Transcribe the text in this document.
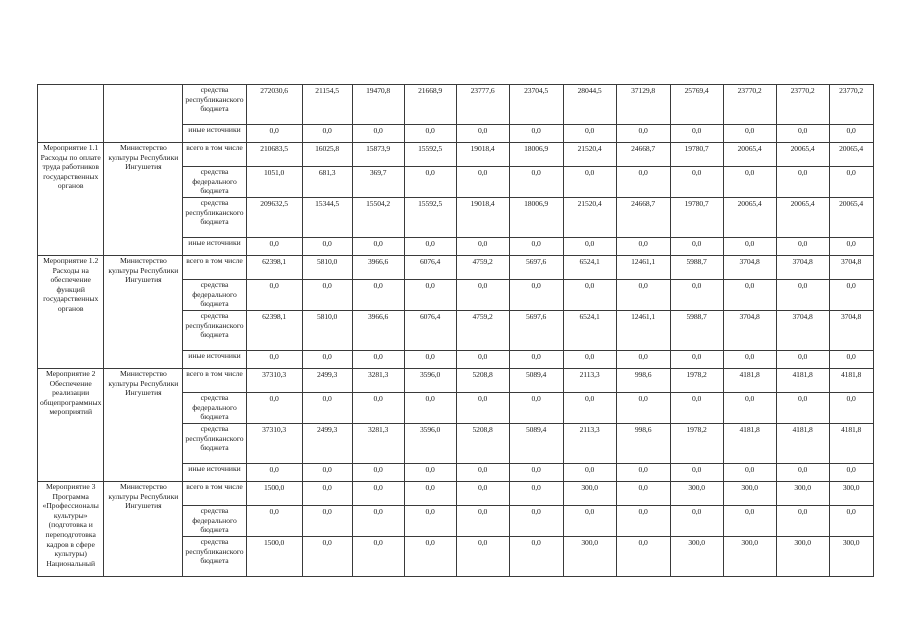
		средства республиканского бюджета	272030,6	21154,5	19470,8	21668,9	23777,6	23704,5	28044,5	37129,8	25769,4	23770,2	23770,2	23770,2
		иные источники	0,0	0,0	0,0	0,0	0,0	0,0	0,0	0,0	0,0	0,0	0,0	0,0
Мероприятие 1.1 Расходы по оплате труда работников государственных органов	Министерство культуры Республики Ингушетия	всего в том числе	210683,5	16025,8	15873,9	15592,5	19018,4	18006,9	21520,4	24668,7	19780,7	20065,4	20065,4	20065,4
		средства федерального бюджета	1051,0	681,3	369,7	0,0	0,0	0,0	0,0	0,0	0,0	0,0	0,0	0,0
		средства республиканского бюджета	209632,5	15344,5	15504,2	15592,5	19018,4	18006,9	21520,4	24668,7	19780,7	20065,4	20065,4	20065,4
		иные источники	0,0	0,0	0,0	0,0	0,0	0,0	0,0	0,0	0,0	0,0	0,0	0,0
Мероприятие 1.2 Расходы на обеспечение функций государственных органов	Министерство культуры Республики Ингушетия	всего в том числе	62398,1	5810,0	3966,6	6076,4	4759,2	5697,6	6524,1	12461,1	5988,7	3704,8	3704,8	3704,8
		средства федерального бюджета	0,0	0,0	0,0	0,0	0,0	0,0	0,0	0,0	0,0	0,0	0,0	0,0
		средства республиканского бюджета	62398,1	5810,0	3966,6	6076,4	4759,2	5697,6	6524,1	12461,1	5988,7	3704,8	3704,8	3704,8
		иные источники	0,0	0,0	0,0	0,0	0,0	0,0	0,0	0,0	0,0	0,0	0,0	0,0
Мероприятие 2 Обеспечение реализации общепрограммных мероприятий	Министерство культуры Республики Ингушетия	всего в том числе	37310,3	2499,3	3281,3	3596,0	5208,8	5089,4	2113,3	998,6	1978,2	4181,8	4181,8	4181,8
		средства федерального бюджета	0,0	0,0	0,0	0,0	0,0	0,0	0,0	0,0	0,0	0,0	0,0	0,0
		средства республиканского бюджета	37310,3	2499,3	3281,3	3596,0	5208,8	5089,4	2113,3	998,6	1978,2	4181,8	4181,8	4181,8
		иные источники	0,0	0,0	0,0	0,0	0,0	0,0	0,0	0,0	0,0	0,0	0,0	0,0
Мероприятие 3 Программа «Профессионалы культуры» (подготовка и переподготовка кадров в сфере культуры) Национальный	Министерство культуры Республики Ингушетия	всего в том числе	1500,0	0,0	0,0	0,0	0,0	0,0	300,0	0,0	300,0	300,0	300,0	300,0
		средства федерального бюджета	0,0	0,0	0,0	0,0	0,0	0,0	0,0	0,0	0,0	0,0	0,0	0,0
		средства республиканского бюджета	1500,0	0,0	0,0	0,0	0,0	0,0	300,0	0,0	300,0	300,0	300,0	300,0
